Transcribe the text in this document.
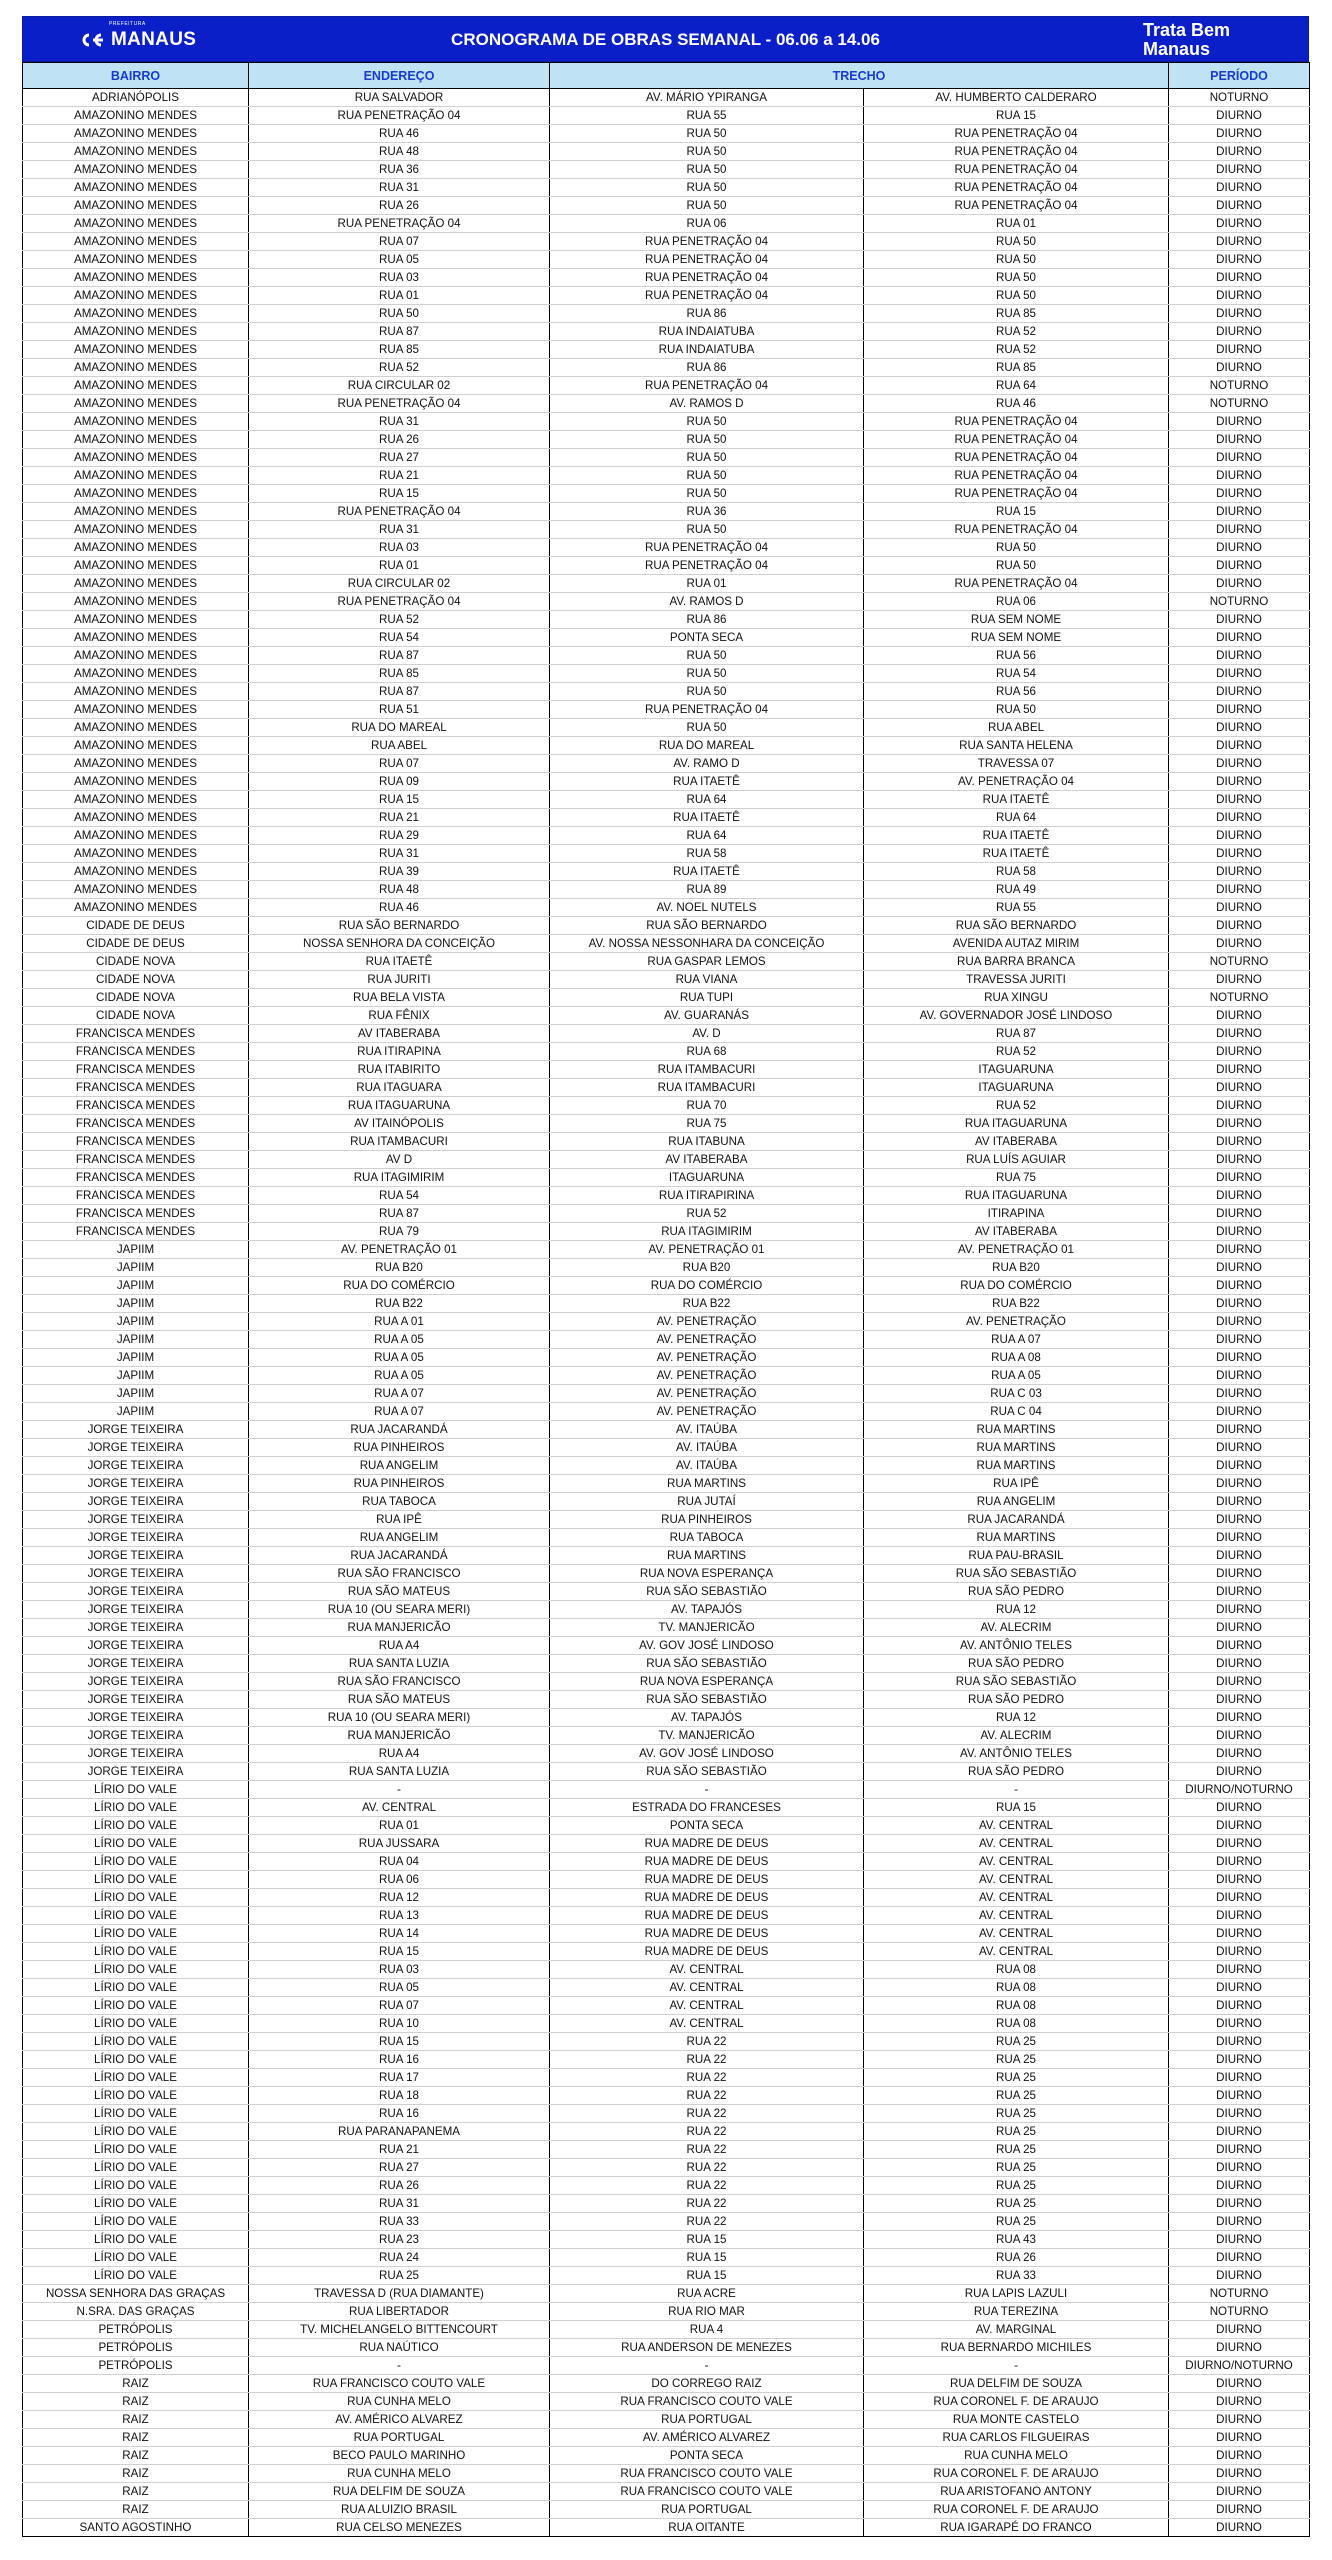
PREFEITURA
MANAUS	CRONOGRAMA DE OBRAS SEMANAL - 06.06 a 14.06	Trata Bem
Manaus
BAIRRO	ENDEREÇO	TRECHO		PERÍODO
ADRIANÓPOLIS	RUA SALVADOR	AV. MÁRIO YPIRANGA	AV. HUMBERTO CALDERARO	NOTURNO
AMAZONINO MENDES	RUA PENETRAÇÃO 04	RUA 55	RUA 15	DIURNO
AMAZONINO MENDES	RUA 46	RUA 50	RUA PENETRAÇÃO 04	DIURNO
AMAZONINO MENDES	RUA 48	RUA 50	RUA PENETRAÇÃO 04	DIURNO
AMAZONINO MENDES	RUA 36	RUA 50	RUA PENETRAÇÃO 04	DIURNO
AMAZONINO MENDES	RUA 31	RUA 50	RUA PENETRAÇÃO 04	DIURNO
AMAZONINO MENDES	RUA 26	RUA 50	RUA PENETRAÇÃO 04	DIURNO
AMAZONINO MENDES	RUA PENETRAÇÃO 04	RUA 06	RUA 01	DIURNO
AMAZONINO MENDES	RUA 07	RUA PENETRAÇÃO 04	RUA 50	DIURNO
AMAZONINO MENDES	RUA 05	RUA PENETRAÇÃO 04	RUA 50	DIURNO
AMAZONINO MENDES	RUA 03	RUA PENETRAÇÃO 04	RUA 50	DIURNO
AMAZONINO MENDES	RUA 01	RUA PENETRAÇÃO 04	RUA 50	DIURNO
AMAZONINO MENDES	RUA 50	RUA 86	RUA 85	DIURNO
AMAZONINO MENDES	RUA 87	RUA INDAIATUBA	RUA 52	DIURNO
AMAZONINO MENDES	RUA 85	RUA INDAIATUBA	RUA 52	DIURNO
AMAZONINO MENDES	RUA 52	RUA 86	RUA 85	DIURNO
AMAZONINO MENDES	RUA CIRCULAR 02	RUA PENETRAÇÃO 04	RUA 64	NOTURNO
AMAZONINO MENDES	RUA PENETRAÇÃO 04	AV. RAMOS D	RUA 46	NOTURNO
AMAZONINO MENDES	RUA 31	RUA 50	RUA PENETRAÇÃO 04	DIURNO
AMAZONINO MENDES	RUA 26	RUA 50	RUA PENETRAÇÃO 04	DIURNO
AMAZONINO MENDES	RUA 27	RUA 50	RUA PENETRAÇÃO 04	DIURNO
AMAZONINO MENDES	RUA 21	RUA 50	RUA PENETRAÇÃO 04	DIURNO
AMAZONINO MENDES	RUA 15	RUA 50	RUA PENETRAÇÃO 04	DIURNO
AMAZONINO MENDES	RUA PENETRAÇÃO 04	RUA 36	RUA 15	DIURNO
AMAZONINO MENDES	RUA 31	RUA 50	RUA PENETRAÇÃO 04	DIURNO
AMAZONINO MENDES	RUA 03	RUA PENETRAÇÃO 04	RUA 50	DIURNO
AMAZONINO MENDES	RUA 01	RUA PENETRAÇÃO 04	RUA 50	DIURNO
AMAZONINO MENDES	RUA CIRCULAR 02	RUA 01	RUA PENETRAÇÃO 04	DIURNO
AMAZONINO MENDES	RUA PENETRAÇÃO 04	AV. RAMOS D	RUA 06	NOTURNO
AMAZONINO MENDES	RUA 52	RUA 86	RUA SEM NOME	DIURNO
AMAZONINO MENDES	RUA 54	PONTA SECA	RUA SEM NOME	DIURNO
AMAZONINO MENDES	RUA 87	RUA 50	RUA 56	DIURNO
AMAZONINO MENDES	RUA 85	RUA 50	RUA 54	DIURNO
AMAZONINO MENDES	RUA 87	RUA 50	RUA 56	DIURNO
AMAZONINO MENDES	RUA 51	RUA PENETRAÇÃO 04	RUA 50	DIURNO
AMAZONINO MENDES	RUA DO MAREAL	RUA 50	RUA ABEL	DIURNO
AMAZONINO MENDES	RUA ABEL	RUA DO MAREAL	RUA SANTA HELENA	DIURNO
AMAZONINO MENDES	RUA 07	AV. RAMO D	TRAVESSA 07	DIURNO
AMAZONINO MENDES	RUA 09	RUA ITAETÊ	AV. PENETRAÇÃO 04	DIURNO
AMAZONINO MENDES	RUA 15	RUA 64	RUA ITAETÊ	DIURNO
AMAZONINO MENDES	RUA 21	RUA ITAETÊ	RUA 64	DIURNO
AMAZONINO MENDES	RUA 29	RUA 64	RUA ITAETÊ	DIURNO
AMAZONINO MENDES	RUA 31	RUA 58	RUA ITAETÊ	DIURNO
AMAZONINO MENDES	RUA 39	RUA ITAETÊ	RUA 58	DIURNO
AMAZONINO MENDES	RUA 48	RUA 89	RUA 49	DIURNO
AMAZONINO MENDES	RUA 46	AV. NOEL NUTELS	RUA 55	DIURNO
CIDADE DE DEUS	RUA SÃO BERNARDO	RUA SÃO BERNARDO	RUA SÃO BERNARDO	DIURNO
CIDADE DE DEUS	NOSSA SENHORA DA CONCEIÇÃO	AV. NOSSA NESSONHARA DA CONCEIÇÃO	AVENIDA AUTAZ MIRIM	DIURNO
CIDADE NOVA	RUA ITAETÊ	RUA GASPAR LEMOS	RUA BARRA BRANCA	NOTURNO
CIDADE NOVA	RUA JURITI	RUA VIANA	TRAVESSA JURITI	DIURNO
CIDADE NOVA	RUA BELA VISTA	RUA TUPI	RUA XINGU	NOTURNO
CIDADE NOVA	RUA FÊNIX	AV. GUARANÁS	AV. GOVERNADOR JOSÉ LINDOSO	DIURNO
FRANCISCA MENDES	AV ITABERABA	AV. D	RUA 87	DIURNO
FRANCISCA MENDES	RUA ITIRAPINA	RUA 68	RUA 52	DIURNO
FRANCISCA MENDES	RUA ITABIRITO	RUA ITAMBACURI	ITAGUARUNA	DIURNO
FRANCISCA MENDES	RUA ITAGUARA	RUA ITAMBACURI	ITAGUARUNA	DIURNO
FRANCISCA MENDES	RUA ITAGUARUNA	RUA 70	RUA 52	DIURNO
FRANCISCA MENDES	AV ITAINÓPOLIS	RUA 75	RUA ITAGUARUNA	DIURNO
FRANCISCA MENDES	RUA ITAMBACURI	RUA ITABUNA	AV ITABERABA	DIURNO
FRANCISCA MENDES	AV D	AV ITABERABA	RUA LUÍS AGUIAR	DIURNO
FRANCISCA MENDES	RUA ITAGIMIRIM	ITAGUARUNA	RUA 75	DIURNO
FRANCISCA MENDES	RUA 54	RUA ITIRAPIRINA	RUA ITAGUARUNA	DIURNO
FRANCISCA MENDES	RUA 87	RUA 52	ITIRAPINA	DIURNO
FRANCISCA MENDES	RUA 79	RUA ITAGIMIRIM	AV ITABERABA	DIURNO
JAPIIM	AV. PENETRAÇÃO 01	AV. PENETRAÇÃO 01	AV. PENETRAÇÃO 01	DIURNO
JAPIIM	RUA B20	RUA B20	RUA B20	DIURNO
JAPIIM	RUA DO COMÉRCIO	RUA DO COMÉRCIO	RUA DO COMÉRCIO	DIURNO
JAPIIM	RUA B22	RUA B22	RUA B22	DIURNO
JAPIIM	RUA A 01	AV. PENETRAÇÃO	AV. PENETRAÇÃO	DIURNO
JAPIIM	RUA A 05	AV. PENETRAÇÃO	RUA A 07	DIURNO
JAPIIM	RUA A 05	AV. PENETRAÇÃO	RUA A 08	DIURNO
JAPIIM	RUA A 05	AV. PENETRAÇÃO	RUA A 05	DIURNO
JAPIIM	RUA A 07	AV. PENETRAÇÃO	RUA C 03	DIURNO
JAPIIM	RUA A 07	AV. PENETRAÇÃO	RUA C 04	DIURNO
JORGE TEIXEIRA	RUA JACARANDÁ	AV. ITAÚBA	RUA MARTINS	DIURNO
JORGE TEIXEIRA	RUA PINHEIROS	AV. ITAÚBA	RUA MARTINS	DIURNO
JORGE TEIXEIRA	RUA ANGELIM	AV. ITAÚBA	RUA MARTINS	DIURNO
JORGE TEIXEIRA	RUA PINHEIROS	RUA MARTINS	RUA IPÊ	DIURNO
JORGE TEIXEIRA	RUA TABOCA	RUA JUTAÍ	RUA ANGELIM	DIURNO
JORGE TEIXEIRA	RUA IPÊ	RUA PINHEIROS	RUA JACARANDÁ	DIURNO
JORGE TEIXEIRA	RUA ANGELIM	RUA TABOCA	RUA MARTINS	DIURNO
JORGE TEIXEIRA	RUA JACARANDÁ	RUA MARTINS	RUA PAU-BRASIL	DIURNO
JORGE TEIXEIRA	RUA SÃO FRANCISCO	RUA NOVA ESPERANÇA	RUA SÃO SEBASTIÃO	DIURNO
JORGE TEIXEIRA	RUA SÃO MATEUS	RUA SÃO SEBASTIÃO	RUA SÃO PEDRO	DIURNO
JORGE TEIXEIRA	RUA 10 (OU SEARA MERI)	AV. TAPAJÓS	RUA 12	DIURNO
JORGE TEIXEIRA	RUA MANJERICÃO	TV. MANJERICÃO	AV. ALECRIM	DIURNO
JORGE TEIXEIRA	RUA A4	AV. GOV JOSÉ LINDOSO	AV. ANTÔNIO TELES	DIURNO
JORGE TEIXEIRA	RUA SANTA LUZIA	RUA SÃO SEBASTIÃO	RUA SÃO PEDRO	DIURNO
JORGE TEIXEIRA	RUA SÃO FRANCISCO	RUA NOVA ESPERANÇA	RUA SÃO SEBASTIÃO	DIURNO
JORGE TEIXEIRA	RUA SÃO MATEUS	RUA SÃO SEBASTIÃO	RUA SÃO PEDRO	DIURNO
JORGE TEIXEIRA	RUA 10 (OU SEARA MERI)	AV. TAPAJÓS	RUA 12	DIURNO
JORGE TEIXEIRA	RUA MANJERICÃO	TV. MANJERICÃO	AV. ALECRIM	DIURNO
JORGE TEIXEIRA	RUA A4	AV. GOV JOSÉ LINDOSO	AV. ANTÔNIO TELES	DIURNO
JORGE TEIXEIRA	RUA SANTA LUZIA	RUA SÃO SEBASTIÃO	RUA SÃO PEDRO	DIURNO
LÍRIO DO VALE	-	-	-	DIURNO/NOTURNO
LÍRIO DO VALE	AV. CENTRAL	ESTRADA DO FRANCESES	RUA 15	DIURNO
LÍRIO DO VALE	RUA 01	PONTA SECA	AV. CENTRAL	DIURNO
LÍRIO DO VALE	RUA JUSSARA	RUA MADRE DE DEUS	AV. CENTRAL	DIURNO
LÍRIO DO VALE	RUA 04	RUA MADRE DE DEUS	AV. CENTRAL	DIURNO
LÍRIO DO VALE	RUA 06	RUA MADRE DE DEUS	AV. CENTRAL	DIURNO
LÍRIO DO VALE	RUA 12	RUA MADRE DE DEUS	AV. CENTRAL	DIURNO
LÍRIO DO VALE	RUA 13	RUA MADRE DE DEUS	AV. CENTRAL	DIURNO
LÍRIO DO VALE	RUA 14	RUA MADRE DE DEUS	AV. CENTRAL	DIURNO
LÍRIO DO VALE	RUA 15	RUA MADRE DE DEUS	AV. CENTRAL	DIURNO
LÍRIO DO VALE	RUA 03	AV. CENTRAL	RUA 08	DIURNO
LÍRIO DO VALE	RUA 05	AV. CENTRAL	RUA 08	DIURNO
LÍRIO DO VALE	RUA 07	AV. CENTRAL	RUA 08	DIURNO
LÍRIO DO VALE	RUA 10	AV. CENTRAL	RUA 08	DIURNO
LÍRIO DO VALE	RUA 15	RUA 22	RUA 25	DIURNO
LÍRIO DO VALE	RUA 16	RUA 22	RUA 25	DIURNO
LÍRIO DO VALE	RUA 17	RUA 22	RUA 25	DIURNO
LÍRIO DO VALE	RUA 18	RUA 22	RUA 25	DIURNO
LÍRIO DO VALE	RUA 16	RUA 22	RUA 25	DIURNO
LÍRIO DO VALE	RUA PARANAPANEMA	RUA 22	RUA 25	DIURNO
LÍRIO DO VALE	RUA 21	RUA 22	RUA 25	DIURNO
LÍRIO DO VALE	RUA 27	RUA 22	RUA 25	DIURNO
LÍRIO DO VALE	RUA 26	RUA 22	RUA 25	DIURNO
LÍRIO DO VALE	RUA 31	RUA 22	RUA 25	DIURNO
LÍRIO DO VALE	RUA 33	RUA 22	RUA 25	DIURNO
LÍRIO DO VALE	RUA 23	RUA 15	RUA 43	DIURNO
LÍRIO DO VALE	RUA 24	RUA 15	RUA 26	DIURNO
LÍRIO DO VALE	RUA 25	RUA 15	RUA 33	DIURNO
NOSSA SENHORA DAS GRAÇAS	TRAVESSA D (RUA DIAMANTE)	RUA ACRE	RUA LAPIS LAZULI	NOTURNO
N.SRA. DAS GRAÇAS	RUA LIBERTADOR	RUA RIO MAR	RUA TEREZINA	NOTURNO
PETRÓPOLIS	TV. MICHELANGELO BITTENCOURT	RUA 4	AV. MARGINAL	DIURNO
PETRÓPOLIS	RUA NAÚTICO	RUA ANDERSON DE MENEZES	RUA BERNARDO MICHILES	DIURNO
PETRÓPOLIS	-	-	-	DIURNO/NOTURNO
RAIZ	RUA FRANCISCO COUTO VALE	DO CORREGO RAIZ	RUA DELFIM DE SOUZA	DIURNO
RAIZ	RUA CUNHA MELO	RUA FRANCISCO COUTO VALE	RUA CORONEL F. DE ARAUJO	DIURNO
RAIZ	AV. AMÉRICO ALVAREZ	RUA PORTUGAL	RUA MONTE CASTELO	DIURNO
RAIZ	RUA PORTUGAL	AV. AMÉRICO ALVAREZ	RUA CARLOS FILGUEIRAS	DIURNO
RAIZ	BECO PAULO MARINHO	PONTA SECA	RUA CUNHA MELO	DIURNO
RAIZ	RUA CUNHA MELO	RUA FRANCISCO COUTO VALE	RUA CORONEL F. DE ARAUJO	DIURNO
RAIZ	RUA DELFIM DE SOUZA	RUA FRANCISCO COUTO VALE	RUA ARISTOFANO ANTONY	DIURNO
RAIZ	RUA ALUIZIO BRASIL	RUA PORTUGAL	RUA CORONEL F. DE ARAUJO	DIURNO
SANTO AGOSTINHO	RUA CELSO MENEZES	RUA OITANTE	RUA IGARAPÉ DO FRANCO	DIURNO
